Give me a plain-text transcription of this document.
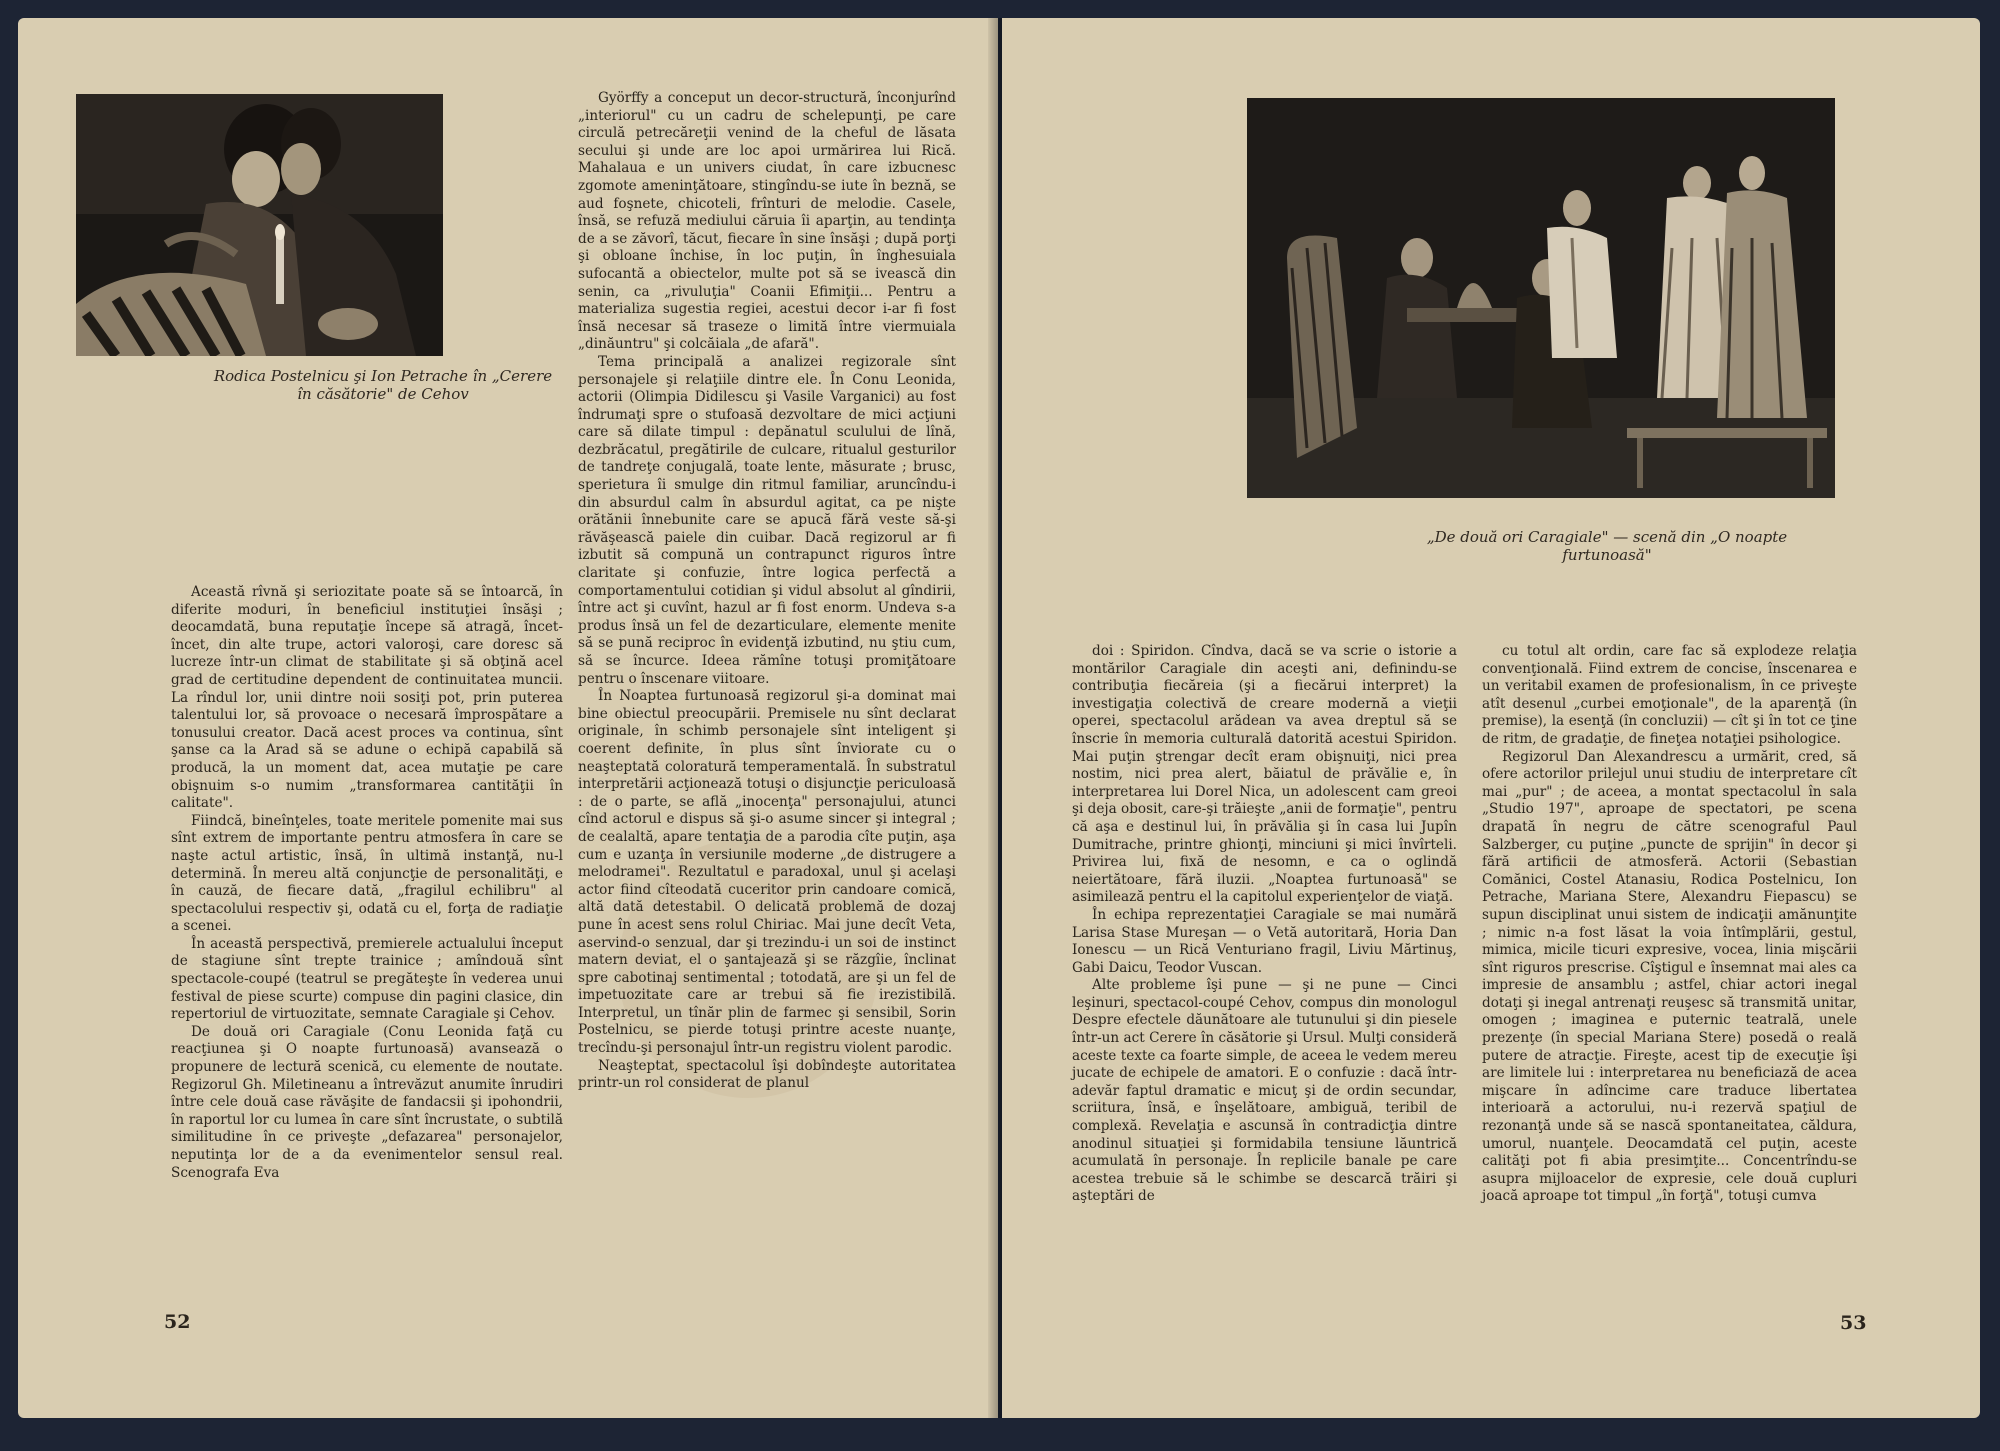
Rodica Postelnicu şi Ion Petrache în „Cerere în căsătorie" de Cehov

Această rîvnă şi seriozitate poate să se întoarcă, în diferite moduri, în beneficiul instituţiei însăşi ; deocamdată, buna reputaţie începe să atragă, încet-încet, din alte trupe, actori valoroşi, care doresc să lucreze într-un climat de stabilitate şi să obţină acel grad de certitudine dependent de continuitatea muncii. La rîndul lor, unii dintre noii sosiţi pot, prin puterea talentului lor, să provoace o necesară împrospătare a tonusului creator. Dacă acest proces va continua, sînt şanse ca la Arad să se adune o echipă capabilă să producă, la un moment dat, acea mutaţie pe care obişnuim s-o numim „transformarea cantităţii în calitate".

Fiindcă, bineînţeles, toate meritele pomenite mai sus sînt extrem de importante pentru atmosfera în care se naşte actul artistic, însă, în ultimă instanţă, nu-l determină. În mereu altă conjuncţie de personalităţi, e în cauză, de fiecare dată, „fragilul echilibru" al spectacolului respectiv şi, odată cu el, forţa de radiaţie a scenei.

În această perspectivă, premierele actualului început de stagiune sînt trepte trainice ; amîndouă sînt spectacole-coupé (teatrul se pregăteşte în vederea unui festival de piese scurte) compuse din pagini clasice, din repertoriul de virtuozitate, semnate Caragiale şi Cehov.

De două ori Caragiale (Conu Leonida faţă cu reacţiunea şi O noapte furtunoasă) avansează o propunere de lectură scenică, cu elemente de noutate. Regizorul Gh. Miletineanu a întrevăzut anumite înrudiri între cele două case răvăşite de fandacsii şi ipohondrii, în raportul lor cu lumea în care sînt încrustate, o subtilă similitudine în ce priveşte „defazarea" personajelor, neputinţa lor de a da evenimentelor sensul real. Scenografa Eva

Györffy a conceput un decor-structură, înconjurînd „interiorul" cu un cadru de schelepunţi, pe care circulă petrecăreţii venind de la cheful de lăsata secului şi unde are loc apoi urmărirea lui Rică. Mahalaua e un univers ciudat, în care izbucnesc zgomote ameninţătoare, stingîndu-se iute în beznă, se aud foşnete, chicoteli, frînturi de melodie. Casele, însă, se refuză mediului căruia îi aparţin, au tendinţa de a se zăvorî, tăcut, fiecare în sine însăşi ; după porţi şi obloane închise, în loc puţin, în înghesuiala sufocantă a obiectelor, multe pot să se ivească din senin, ca „rivuluţia" Coanii Efimiţii... Pentru a materializa sugestia regiei, acestui decor i-ar fi fost însă necesar să traseze o limită între viermuiala „dinăuntru" şi colcăiala „de afară".

Tema principală a analizei regizorale sînt personajele şi relaţiile dintre ele. În Conu Leonida, actorii (Olimpia Didilescu şi Vasile Varganici) au fost îndrumaţi spre o stufoasă dezvoltare de mici acţiuni care să dilate timpul : depănatul sculului de lînă, dezbrăcatul, pregătirile de culcare, ritualul gesturilor de tandreţe conjugală, toate lente, măsurate ; brusc, sperietura îi smulge din ritmul familiar, aruncîndu-i din absurdul calm în absurdul agitat, ca pe nişte orătănii înnebunite care se apucă fără veste să-şi răvăşească paiele din cuibar. Dacă regizorul ar fi izbutit să compună un contrapunct riguros între claritate şi confuzie, între logica perfectă a comportamentului cotidian şi vidul absolut al gîndirii, între act şi cuvînt, hazul ar fi fost enorm. Undeva s-a produs însă un fel de dezarticulare, elemente menite să se pună reciproc în evidenţă izbutind, nu ştiu cum, să se încurce. Ideea rămîne totuşi promiţătoare pentru o înscenare viitoare.

În Noaptea furtunoasă regizorul şi-a dominat mai bine obiectul preocupării. Premisele nu sînt declarat originale, în schimb personajele sînt inteligent şi coerent definite, în plus sînt înviorate cu o neaşteptată coloratură temperamentală. În substratul interpretării acţionează totuşi o disjuncţie periculoasă : de o parte, se află „inocenţa" personajului, atunci cînd actorul e dispus să şi-o asume sincer şi integral ; de cealaltă, apare tentaţia de a parodia cîte puţin, aşa cum e uzanţa în versiunile moderne „de distrugere a melodramei". Rezultatul e paradoxal, unul şi acelaşi actor fiind cîteodată cuceritor prin candoare comică, altă dată detestabil. O delicată problemă de dozaj pune în acest sens rolul Chiriac. Mai june decît Veta, aservind-o senzual, dar şi trezindu-i un soi de instinct matern deviat, el o şantajează şi se răzgîie, înclinat spre cabotinaj sentimental ; totodată, are şi un fel de impetuozitate care ar trebui să fie irezistibilă. Interpretul, un tînăr plin de farmec şi sensibil, Sorin Postelnicu, se pierde totuşi printre aceste nuanţe, trecîndu-şi personajul într-un registru violent parodic.

Neaşteptat, spectacolul îşi dobîndeşte autoritatea printr-un rol considerat de planul

52
„De două ori Caragiale" — scenă din „O noapte furtunoasă"

doi : Spiridon. Cîndva, dacă se va scrie o istorie a montărilor Caragiale din aceşti ani, definindu-se contribuţia fiecăreia (şi a fiecărui interpret) la investigaţia colectivă de creare modernă a vieţii operei, spectacolul arădean va avea dreptul să se înscrie în memoria culturală datorită acestui Spiridon. Mai puţin ştrengar decît eram obişnuiţi, nici prea nostim, nici prea alert, băiatul de prăvălie e, în interpretarea lui Dorel Nica, un adolescent cam greoi şi deja obosit, care-şi trăieşte „anii de formaţie", pentru că aşa e destinul lui, în prăvălia şi în casa lui Jupîn Dumitrache, printre ghionţi, minciuni şi mici învîrteli. Privirea lui, fixă de nesomn, e ca o oglindă neiertătoare, fără iluzii. „Noaptea furtunoasă" se asimilează pentru el la capitolul experienţelor de viaţă.

În echipa reprezentaţiei Caragiale se mai numără Larisa Stase Mureşan — o Vetă autoritară, Horia Dan Ionescu — un Rică Venturiano fragil, Liviu Mărtinuş, Gabi Daicu, Teodor Vuscan.

Alte probleme îşi pune — şi ne pune — Cinci leşinuri, spectacol-coupé Cehov, compus din monologul Despre efectele dăunătoare ale tutunului şi din piesele într-un act Cerere în căsătorie şi Ursul. Mulţi consideră aceste texte ca foarte simple, de aceea le vedem mereu jucate de echipele de amatori. E o confuzie : dacă într-adevăr faptul dramatic e micuţ şi de ordin secundar, scriitura, însă, e înşelătoare, ambiguă, teribil de complexă. Revelaţia e ascunsă în contradicţia dintre anodinul situaţiei şi formidabila tensiune lăuntrică acumulată în personaje. În replicile banale pe care acestea trebuie să le schimbe se descarcă trăiri şi aşteptări de

cu totul alt ordin, care fac să explodeze relaţia convenţională. Fiind extrem de concise, înscenarea e un veritabil examen de profesionalism, în ce priveşte atît desenul „curbei emoţionale", de la aparenţă (în premise), la esenţă (în concluzii) — cît şi în tot ce ţine de ritm, de gradaţie, de fineţea notaţiei psihologice.

Regizorul Dan Alexandrescu a urmărit, cred, să ofere actorilor prilejul unui studiu de interpretare cît mai „pur" ; de aceea, a montat spectacolul în sala „Studio 197", aproape de spectatori, pe scena drapată în negru de către scenograful Paul Salzberger, cu puţine „puncte de sprijin" în decor şi fără artificii de atmosferă. Actorii (Sebastian Comănici, Costel Atanasiu, Rodica Postelnicu, Ion Petrache, Mariana Stere, Alexandru Fiераscu) se supun disciplinat unui sistem de indicaţii amănunţite ; nimic n-a fost lăsat la voia întîmplării, gestul, mimica, micile ticuri expresive, vocea, linia mişcării sînt riguros prescrise. Cîştigul e însemnat mai ales ca impresie de ansamblu ; astfel, chiar actori inegal dotaţi şi inegal antrenaţi reuşesc să transmită unitar, omogen ; imaginea e puternic teatrală, unele prezenţe (în special Mariana Stere) posedă o reală putere de atracţie. Fireşte, acest tip de execuţie îşi are limitele lui : interpretarea nu beneficiază de acea mişcare în adîncime care traduce libertatea interioară a actorului, nu-i rezervă spaţiul de rezonanţă unde să se nască spontaneitatea, căldura, umorul, nuanţele. Deocamdată cel puţin, aceste calităţi pot fi abia presimţite... Concentrîndu-se asupra mijloacelor de expresie, cele două cupluri joacă aproape tot timpul „în forţă", totuşi cumva

53
